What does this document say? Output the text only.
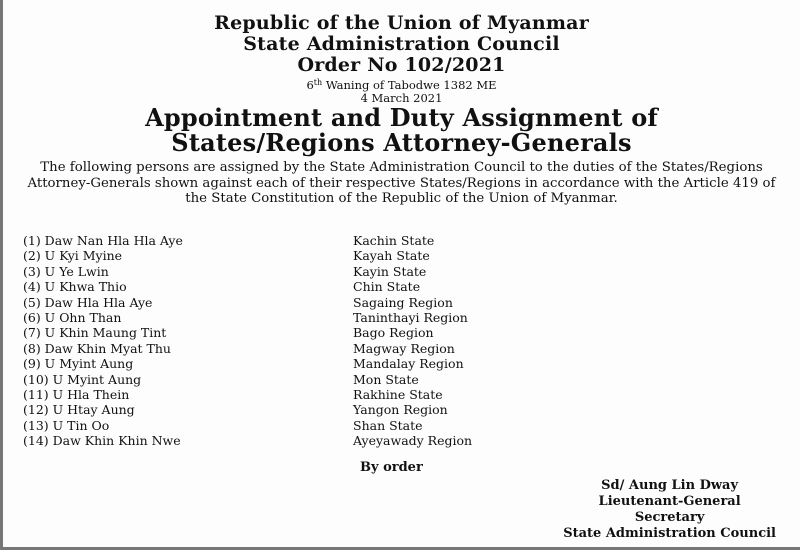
Republic of the Union of Myanmar
State Administration Council
Order No 102/2021
6th Waning of Tabodwe 1382 ME
4 March 2021
Appointment and Duty Assignment of
States/Regions Attorney-Generals
The following persons are assigned by the State Administration Council to the duties of the States/Regions Attorney-Generals shown against each of their respective States/Regions in accordance with the Article 419 of the State Constitution of the Republic of the Union of Myanmar.
(1) Daw Nan Hla Hla Aye	Kachin State
(2) U Kyi Myine	Kayah State
(3) U Ye Lwin	Kayin State
(4) U Khwa Thio	Chin State
(5) Daw Hla Hla Aye	Sagaing Region
(6) U Ohn Than	Taninthayi Region
(7) U Khin Maung Tint	Bago Region
(8) Daw Khin Myat Thu	Magway Region
(9) U Myint Aung	Mandalay Region
(10) U Myint Aung	Mon State
(11) U Hla Thein	Rakhine State
(12) U Htay Aung	Yangon Region
(13) U Tin Oo	Shan State
(14) Daw Khin Khin Nwe	Ayeyawady Region
By order
Sd/ Aung Lin Dway
Lieutenant-General
Secretary
State Administration Council
